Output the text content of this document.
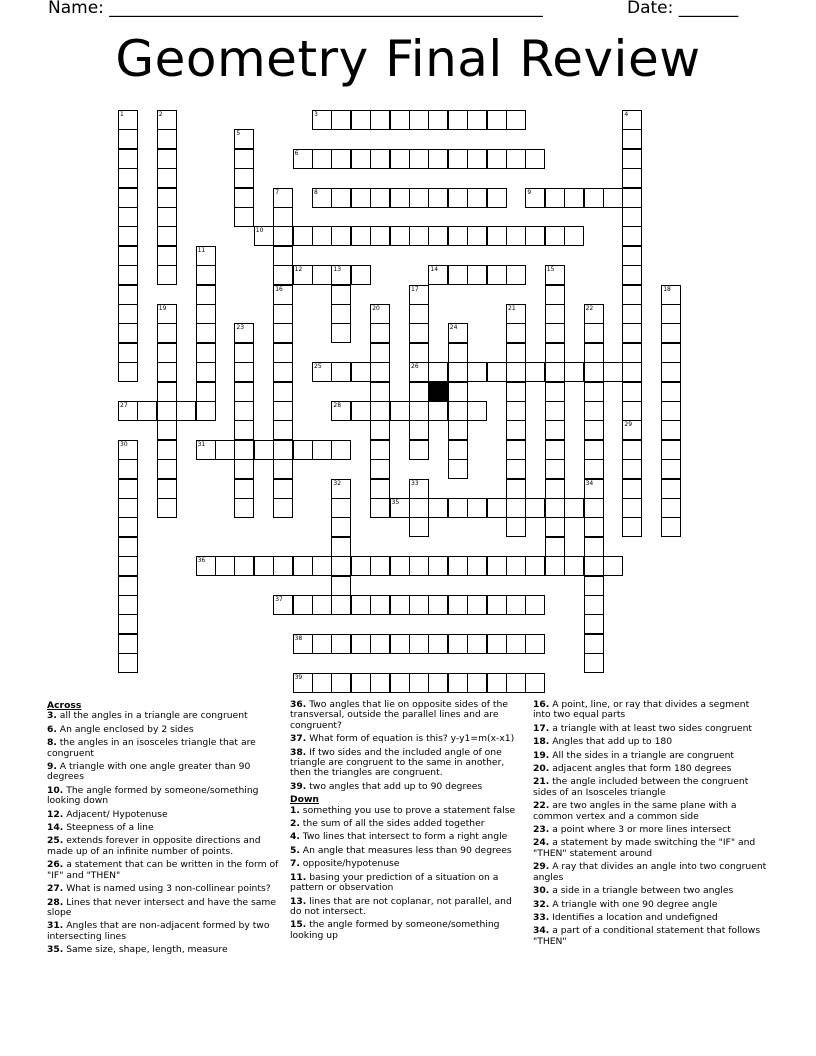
Name: ___________________________________________________	Date: _______
Geometry Final Review
1	2	3	4
5
6
7	8	9
10
11
12	13	14	15
16	17	18
19	20	21	22
23	24
25	26
27	28
29
30	31
32	33	34
35
36
37
38
39
Across
3. all the angles in a triangle are congruent
6. An angle enclosed by 2 sides
8. the angles in an isosceles triangle that are congruent
9. A triangle with one angle greater than 90 degrees
10. The angle formed by someone/something looking down
12. Adjacent/ Hypotenuse
14. Steepness of a line
25. extends forever in opposite directions and made up of an infinite number of points.
26. a statement that can be written in the form of "IF" and "THEN"
27. What is named using 3 non-collinear points?
28. Lines that never intersect and have the same slope
31. Angles that are non-adjacent formed by two intersecting lines
35. Same size, shape, length, measure
36. Two angles that lie on opposite sides of the transversal, outside the parallel lines and are congruent?
37. What form of equation is this? y-y1=m(x-x1)
38. If two sides and the included angle of one triangle are congruent to the same in another, then the triangles are congruent.
39. two angles that add up to 90 degrees
Down
1. something you use to prove a statement false
2. the sum of all the sides added together
4. Two lines that intersect to form a right angle
5. An angle that measures less than 90 degrees
7. opposite/hypotenuse
11. basing your prediction of a situation on a pattern or observation
13. lines that are not coplanar, not parallel, and do not intersect.
15. the angle formed by someone/something looking up
16. A point, line, or ray that divides a segment into two equal parts
17. a triangle with at least two sides congruent
18. Angles that add up to 180
19. All the sides in a triangle are congruent
20. adjacent angles that form 180 degrees
21. the angle included between the congruent sides of an Isosceles triangle
22. are two angles in the same plane with a common vertex and a common side
23. a point where 3 or more lines intersect
24. a statement by made switching the "IF" and "THEN" statement around
29. A ray that divides an angle into two congruent angles
30. a side in a triangle between two angles
32. A triangle with one 90 degree angle
33. Identifies a location and undefigned
34. a part of a conditional statement that follows "THEN"
